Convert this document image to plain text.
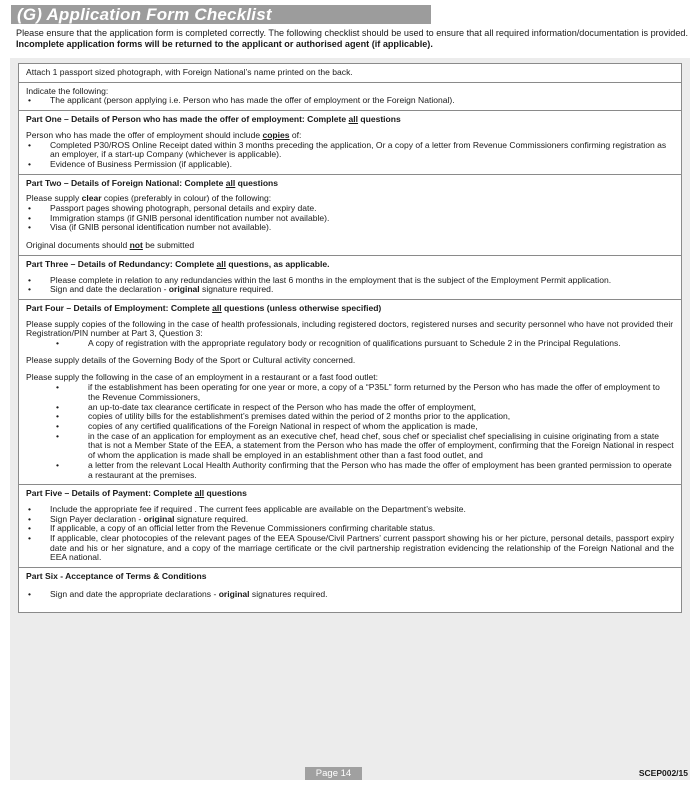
(G) Application Form Checklist
Please ensure that the application form is completed correctly. The following checklist should be used to ensure that all required information/documentation is provided. Incomplete application forms will be returned to the applicant or authorised agent (if applicable).

Attach 1 passport sized photograph, with Foreign National’s name printed on the back.

Indicate the following:

• The applicant (person applying i.e. Person who has made the offer of employment or the Foreign National).

Part One – Details of Person who has made the offer of employment: Complete all questions

Person who has made the offer of employment should include copies of:

• Completed P30/ROS Online Receipt dated within 3 months preceding the application, Or a copy of a letter from Revenue Commissioners confirming registration as an employer, if a start-up Company (whichever is applicable).
• Evidence of Business Permission (if applicable).

Part Two – Details of Foreign National: Complete all questions

Please supply clear copies (preferably in colour) of the following:

• Passport pages showing photograph, personal details and expiry date.
• Immigration stamps (if GNIB personal identification number not available).
• Visa (if GNIB personal identification number not available).

Original documents should not be submitted

Part Three – Details of Redundancy: Complete all questions, as applicable.

• Please complete in relation to any redundancies within the last 6 months in the employment that is the subject of the Employment Permit application.
• Sign and date the declaration - original signature required.

Part Four – Details of Employment: Complete all questions (unless otherwise specified)

Please supply copies of the following in the case of health professionals, including registered doctors, registered nurses and security personnel who have not provided their Registration/PIN number at Part 3, Question 3:

• A copy of registration with the appropriate regulatory body or recognition of qualifications pursuant to Schedule 2 in the Principal Regulations.

Please supply details of the Governing Body of the Sport or Cultural activity concerned.

Please supply the following in the case of an employment in a restaurant or a fast food outlet:

• if the establishment has been operating for one year or more, a copy of a “P35L” form returned by the Person who has made the offer of employment to the Revenue Commissioners,
• an up-to-date tax clearance certificate in respect of the Person who has made the offer of employment,
• copies of utility bills for the establishment’s premises dated within the period of 2 months prior to the application,
• copies of any certified qualifications of the Foreign National in respect of whom the application is made,
• in the case of an application for employment as an executive chef, head chef, sous chef or specialist chef specialising in cuisine originating from a state that is not a Member State of the EEA, a statement from the Person who has made the offer of employment, confirming that the Foreign National in respect of whom the application is made shall be employed in an establishment other than a fast food outlet, and
• a letter from the relevant Local Health Authority confirming that the Person who has made the offer of employment has been granted permission to operate a restaurant at the premises.

Part Five – Details of Payment: Complete all questions

• Include the appropriate fee if required . The current fees applicable are available on the Department’s website.
• Sign Payer declaration - original signature required.
• If applicable, a copy of an official letter from the Revenue Commissioners confirming charitable status.
• If applicable, clear photocopies of the relevant pages of the EEA Spouse/Civil Partners’ current passport showing his or her picture, personal details, passport expiry date and his or her signature, and a copy of the marriage certificate or the civil partnership registration evidencing the relationship of the Foreign National and the EEA national.

Part Six - Acceptance of Terms & Conditions

• Sign and date the appropriate declarations - original signatures required.
Page 14	SCEP002/15
